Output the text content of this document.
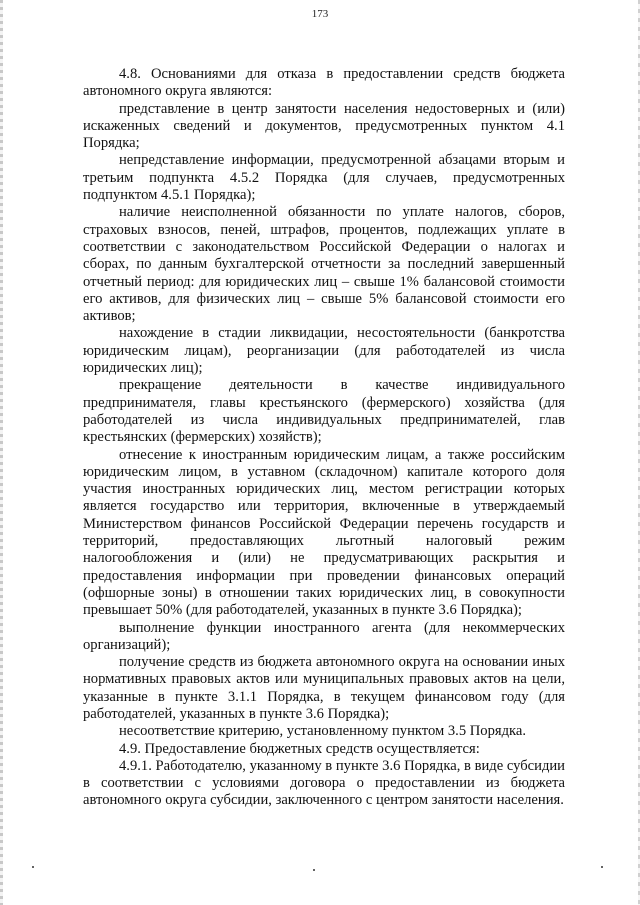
173

4.8. Основаниями для отказа в предоставлении средств бюджета автономного округа являются:

представление в центр занятости населения недостоверных и (или) искаженных сведений и документов, предусмотренных пунктом 4.1 Порядка;

непредставление информации, предусмотренной абзацами вторым и третьим подпункта 4.5.2 Порядка (для случаев, предусмотренных подпунктом 4.5.1 Порядка);

наличие неисполненной обязанности по уплате налогов, сборов, страховых взносов, пеней, штрафов, процентов, подлежащих уплате в соответствии с законодательством Российской Федерации о налогах и сборах, по данным бухгалтерской отчетности за последний завершенный отчетный период: для юридических лиц – свыше 1% балансовой стоимости его активов, для физических лиц – свыше 5% балансовой стоимости его активов;

нахождение в стадии ликвидации, несостоятельности (банкротства юридическим лицам), реорганизации (для работодателей из числа юридических лиц);

прекращение деятельности в качестве индивидуального предпринимателя, главы крестьянского (фермерского) хозяйства (для работодателей из числа индивидуальных предпринимателей, глав крестьянских (фермерских) хозяйств);

отнесение к иностранным юридическим лицам, а также российским юридическим лицом, в уставном (складочном) капитале которого доля участия иностранных юридических лиц, местом регистрации которых является государство или территория, включенные в утверждаемый Министерством финансов Российской Федерации перечень государств и территорий, предоставляющих льготный налоговый режим налогообложения и (или) не предусматривающих раскрытия и предоставления информации при проведении финансовых операций (офшорные зоны) в отношении таких юридических лиц, в совокупности превышает 50% (для работодателей, указанных в пункте 3.6 Порядка);

выполнение функции иностранного агента (для некоммерческих организаций);

получение средств из бюджета автономного округа на основании иных нормативных правовых актов или муниципальных правовых актов на цели, указанные в пункте 3.1.1 Порядка, в текущем финансовом году (для работодателей, указанных в пункте 3.6 Порядка);

несоответствие критерию, установленному пунктом 3.5 Порядка.

4.9. Предоставление бюджетных средств осуществляется:

4.9.1. Работодателю, указанному в пункте 3.6 Порядка, в виде субсидии в соответствии с условиями договора о предоставлении из бюджета автономного округа субсидии, заключенного с центром занятости населения.
